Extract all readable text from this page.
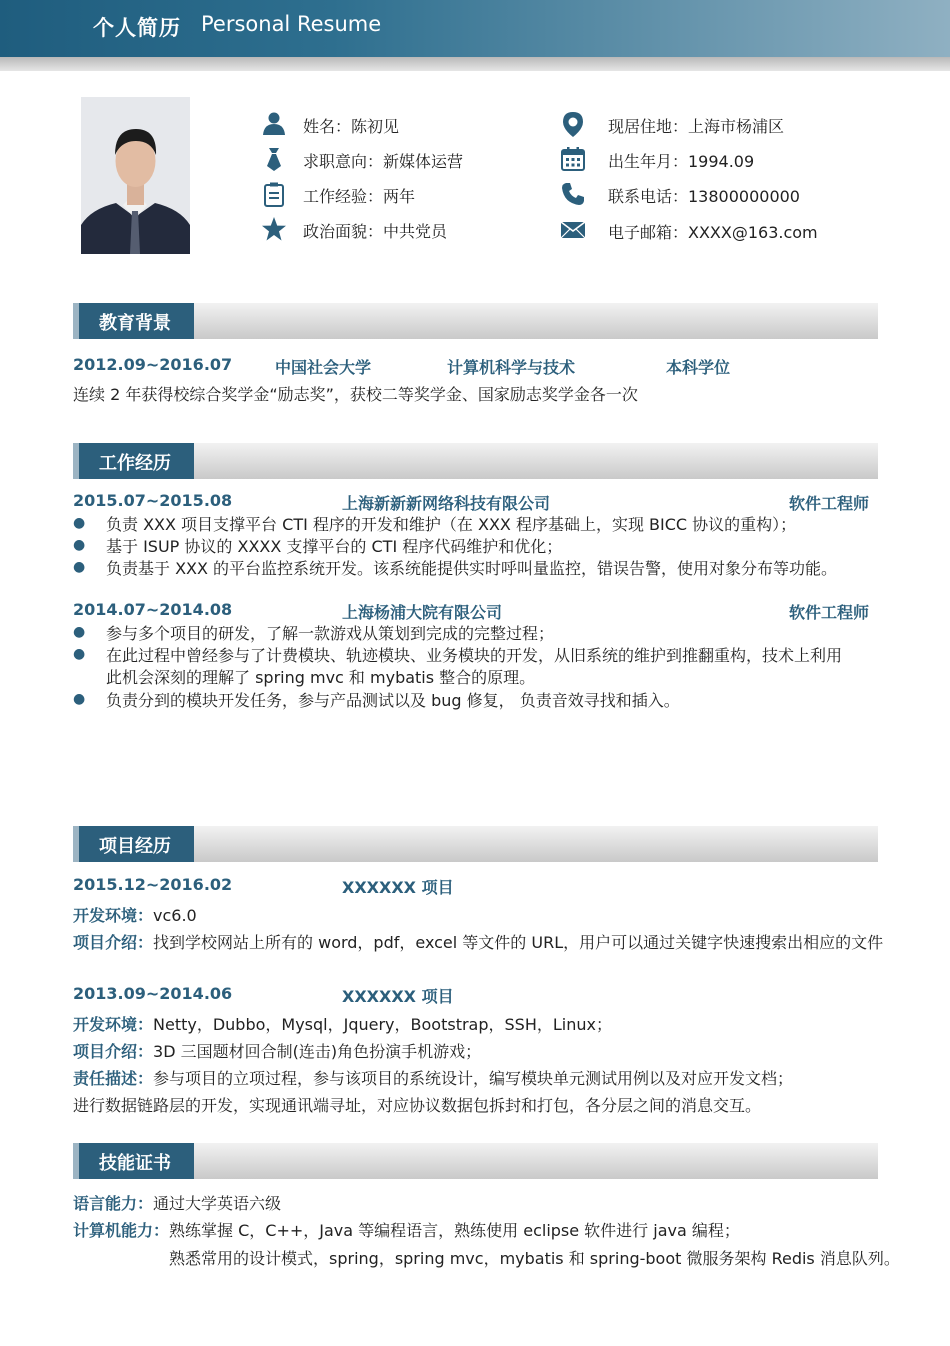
个人简历 Personal Resume
姓名：陈初见
求职意向：新媒体运营
工作经验：两年
政治面貌：中共党员
现居住地：上海市杨浦区
出生年月：1994.09
联系电话：13800000000
电子邮箱：XXXX@163.com
教育背景
2012.09~2016.07	中国社会大学	计算机科学与技术	本科学位
连续 2 年获得校综合奖学金“励志奖”，获校二等奖学金、国家励志奖学金各一次
工作经历
2015.07~2015.08	上海新新新网络科技有限公司	软件工程师
● 负责 XXX 项目支撑平台 CTI 程序的开发和维护（在 XXX 程序基础上，实现 BICC 协议的重构）；
● 基于 ISUP 协议的 XXXX 支撑平台的 CTI 程序代码维护和优化；
● 负责基于 XXX 的平台监控系统开发。该系统能提供实时呼叫量监控，错误告警，使用对象分布等功能。
2014.07~2014.08	上海杨浦大院有限公司	软件工程师
● 参与多个项目的研发，了解一款游戏从策划到完成的完整过程；
● 在此过程中曾经参与了计费模块、轨迹模块、业务模块的开发，从旧系统的维护到推翻重构，技术上利用
此机会深刻的理解了 spring mvc 和 mybatis 整合的原理。
● 负责分到的模块开发任务，参与产品测试以及 bug 修复， 负责音效寻找和插入。
项目经历
2015.12~2016.02	XXXXXX 项目
开发环境：vc6.0
项目介绍：找到学校网站上所有的 word，pdf，excel 等文件的 URL，用户可以通过关键字快速搜索出相应的文件
2013.09~2014.06	XXXXXX 项目
开发环境：Netty，Dubbo，Mysql，Jquery，Bootstrap，SSH，Linux；
项目介绍：3D 三国题材回合制(连击)角色扮演手机游戏；
责任描述：参与项目的立项过程，参与该项目的系统设计，编写模块单元测试用例以及对应开发文档；
进行数据链路层的开发，实现通讯端寻址，对应协议数据包拆封和打包，各分层之间的消息交互。
技能证书
语言能力：通过大学英语六级
计算机能力：熟练掌握 C，C++，Java 等编程语言，熟练使用 eclipse 软件进行 java 编程；
熟悉常用的设计模式，spring，spring mvc，mybatis 和 spring-boot 微服务架构 Redis 消息队列。
